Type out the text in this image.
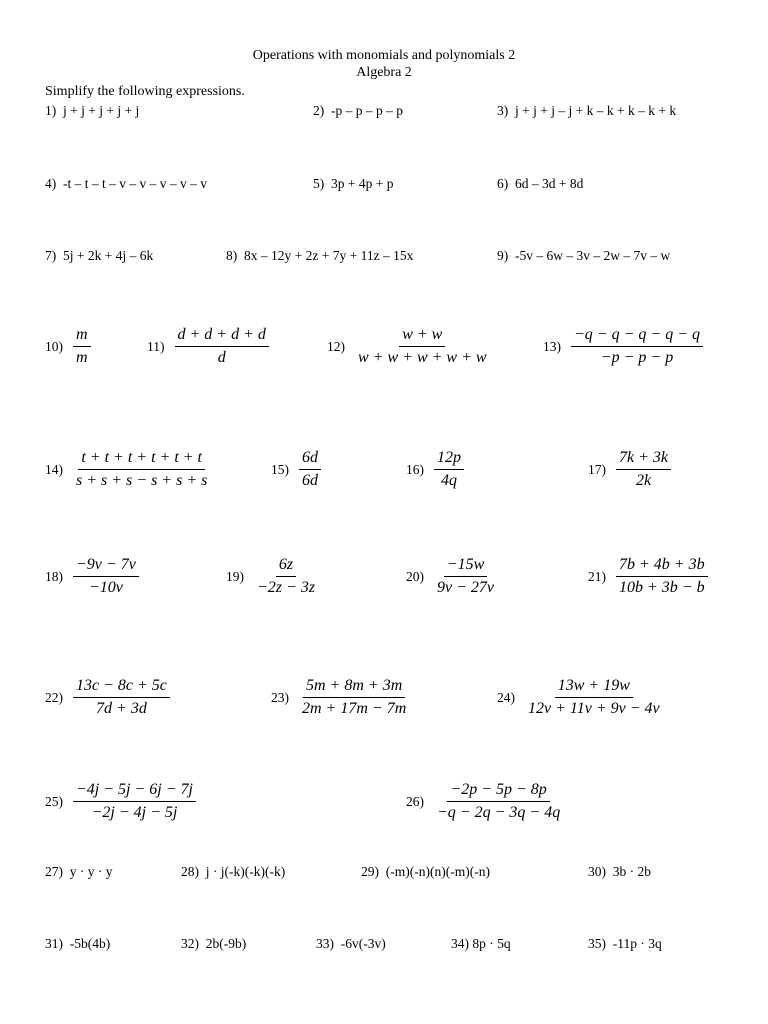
Operations with monomials and polynomials 2
Algebra 2
Simplify the following expressions.
1) j + j + j + j + j	2) -p – p – p – p	3) j + j + j – j + k – k + k – k + k
4) -t – t – t – v – v – v – v – v	5) 3p + 4p + p	6) 6d – 3d + 8d
7) 5j + 2k + 4j – 6k	8) 8x – 12y + 2z + 7y + 11z – 15x	9) -5v – 6w – 3v – 2w – 7v – w
$10) \frac{m}{m}$	$11) \frac{d + d + d + d}{d}$	$12) \frac{w + w}{w + w + w + w + w}$	$13) \frac{-q - q - q - q - q}{-p - p - p}$
$14) \frac{t + t + t + t + t + t}{s + s + s - s + s + s}$	$15) \frac{6d}{6d}$	$16) \frac{12p}{4q}$	$17) \frac{7k + 3k}{2k}$
$18) \frac{-9v - 7v}{-10v}$	$19) \frac{6z}{-2z - 3z}$	$20) \frac{-15w}{9v - 27v}$	$21) \frac{7b + 4b + 3b}{10b + 3b - b}$
$22) \frac{13c - 8c + 5c}{7d + 3d}$	$23) \frac{5m + 8m + 3m}{2m + 17m - 7m}$	$24) \frac{13w + 19w}{12v + 11v + 9v - 4v}$
$25) \frac{-4j - 5j - 6j - 7j}{-2j - 4j - 5j}$	$26) \frac{-2p - 5p - 8p}{-q - 2q - 3q - 4q}$
27) y · y · y	28) j · j(-k)(-k)(-k)	29) (-m)(-n)(n)(-m)(-n)	30) 3b · 2b
31) -5b(4b)	32) 2b(-9b)	33) -6v(-3v)	34) 8p · 5q	35) -11p · 3q
